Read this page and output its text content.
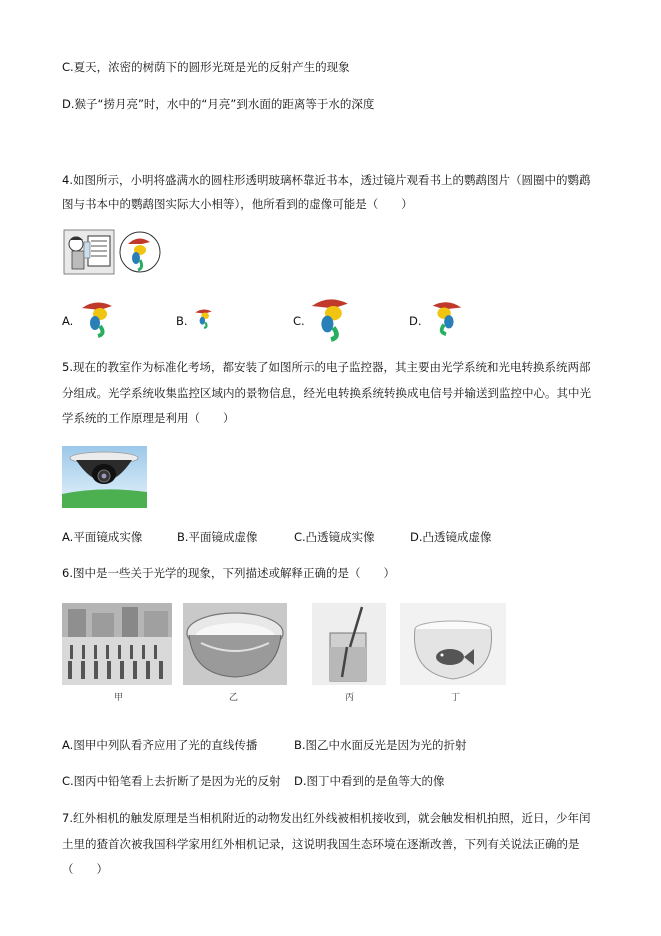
C.夏天，浓密的树荫下的圆形光斑是光的反射产生的现象
D.猴子“捞月亮”时，水中的“月亮”到水面的距离等于水的深度
4.如图所示，小明将盛满水的圆柱形透明玻璃杯靠近书本，透过镜片观看书上的鹦鹉图片（圆圈中的鹦鹉
图与书本中的鹦鹉图实际大小相等），他所看到的虚像可能是（　　）
A.	B.	C.	D.
5.现在的教室作为标准化考场，都安装了如图所示的电子监控器，其主要由光学系统和光电转换系统两部
分组成。光学系统收集监控区域内的景物信息，经光电转换系统转换成电信号并输送到监控中心。其中光
学系统的工作原理是利用（　　）
A.平面镜成实像	B.平面镜成虚像	C.凸透镜成实像	D.凸透镜成虚像
6.图中是一些关于光学的现象，下列描述或解释正确的是（　　）
甲	乙	丙	丁
A.图甲中列队看齐应用了光的直线传播	B.图乙中水面反光是因为光的折射
C.图丙中铅笔看上去折断了是因为光的反射 D.图丁中看到的是鱼等大的像
7.红外相机的触发原理是当相机附近的动物发出红外线被相机接收到，就会触发相机拍照，近日，少年闰
土里的猹首次被我国科学家用红外相机记录，这说明我国生态环境在逐渐改善，下列有关说法正确的是
（　　）
